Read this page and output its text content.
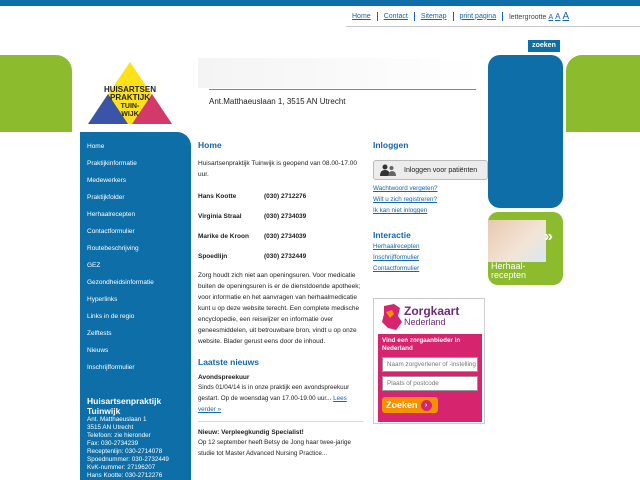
Home	Contact	Sitemap	print pagina	lettergrootte A A A
zoeken
HUISARTSEN
PRAKTIJK
TUIN-
WIJK
Ant.Matthaeuslaan 1, 3515 AN Utrecht
Home
Praktijkinformatie
Medewerkers
Praktijkfolder
Herhaalrecepten
Contactformulier
Routebeschrijving
GEZ
Gezondheidsinformatie
Hyperlinks
Links in de regio
Zelftests
Nieuws
Inschrijfformulier
Huisartsenpraktijk
Tuinwijk
Ant. Matthaeuslaan 1
3515 AN Utrecht
Telefoon: zie hieronder
Fax: 030-2734239
Receptenlijn: 030-2714078
Spoednummer: 030-2732449
KvK-nummer: 27196207
Hans Kootte: 030-2712276
Home

Huisartsenpraktijk Tuinwijk is geopend van 08.00-17.00 uur.

Hans Kootte	(030) 2712276
Virginia Straal	(030) 2734039
Marike de Kroon	(030) 2734039
Spoedlijn	(030) 2732449

Zorg houdt zich niet aan openingsuren. Voor medicatie buiten de openingsuren is er de dienstdoende apotheek; voor informatie en het aanvragen van herhaalmedicatie kunt u op deze website terecht. Een complete medische encyclopedie, een reiswijzer en informatie over geneesmiddelen, uit betrouwbare bron, vindt u op onze website. Blader gerust eens door de inhoud.

Laatste nieuws
Avondspreekuur
Sinds 01/04/14 is in onze praktijk een avondspreekuur gestart. Op de woensdag van 17.00-19.00 uur... Lees verder »
Nieuw: Verpleegkundig Specialist!
Op 12 september heeft Betsy de Jong haar twee-jarige studie tot Master Advanced Nursing Practice...
Inloggen
Inloggen voor patiënten
Wachtwoord vergeten?
Wilt u zich registreren?
Ik kan niet inloggen
Interactie
Herhaalrecepten
Inschrijfformulier
Contactformulier
»
Herhaal-
recepten
Zorgkaart
Nederland
Vind een zorgaanbieder in Nederland
Naam zorgverlener of -instelling
Plaats of postcode
Zoeken ›
